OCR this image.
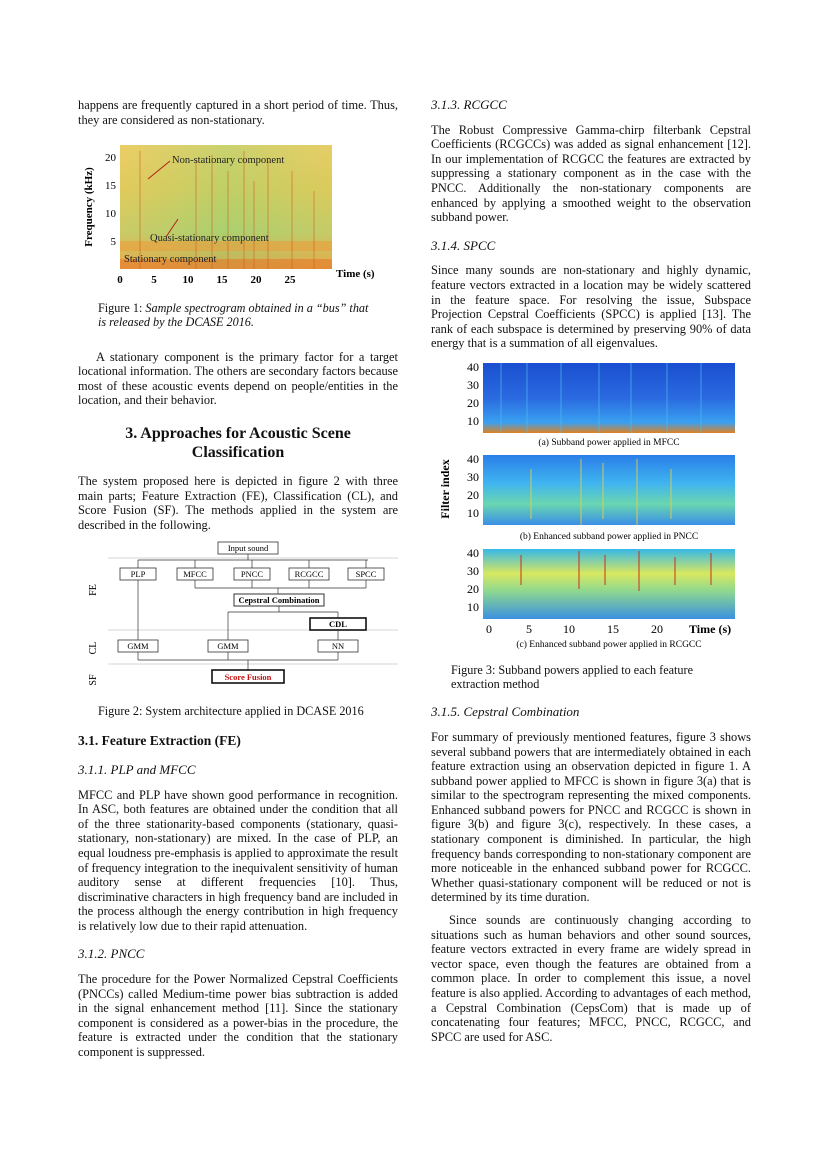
happens are frequently captured in a short period of time. Thus, they are considered as non-stationary.

20
15
10
5
Frequency (kHz)
0	5 10 15 20 25	Time (s)
Non-stationary component
Quasi-stationary component
Stationary component
Figure 1: Sample spectrogram obtained in a “bus” that is released by the DCASE 2016.

A stationary component is the primary factor for a target locational information. The others are secondary factors because most of these acoustic events depend on people/entities in the location, and their behavior.

3. Approaches for Acoustic Scene Classification

The system proposed here is depicted in figure 2 with three main parts; Feature Extraction (FE), Classification (CL), and Score Fusion (SF). The methods applied in the system are described in the following.

FE
CL
SF
Input sound
PLP	MFCC	PNCC	RCGCC	SPCC
Cepstral Combination
CDL
GMM	GMM	NN
Score Fusion
Figure 2: System architecture applied in DCASE 2016
3.1. Feature Extraction (FE)
3.1.1. PLP and MFCC

MFCC and PLP have shown good performance in recognition. In ASC, both features are obtained under the condition that all of the three stationarity-based components (stationary, quasi-stationary, non-stationary) are mixed. In the case of PLP, an equal loudness pre-emphasis is applied to approximate the result of frequency integration to the inequivalent sensitivity of human auditory sense at different frequencies [10]. Thus, discriminative characters in high frequency band are included in the process although the energy contribution in high frequency is relatively low due to their rapid attenuation.

3.1.2. PNCC

The procedure for the Power Normalized Cepstral Coefficients (PNCCs) called Medium-time power bias subtraction is added in the signal enhancement method [11]. Since the stationary component is considered as a power-bias in the procedure, the feature is extracted under the condition that the stationary component is suppressed.

3.1.3. RCGCC

The Robust Compressive Gamma-chirp filterbank Cepstral Coefficients (RCGCCs) was added as signal enhancement [12]. In our implementation of RCGCC the features are extracted by suppressing a stationary component as in the case with the PNCC. Additionally the non-stationary components are enhanced by applying a smoothed weight to the observation subband power.

3.1.4. SPCC

Since many sounds are non-stationary and highly dynamic, feature vectors extracted in a location may be widely scattered in the feature space. For resolving the issue, Subspace Projection Cepstral Coefficients (SPCC) is applied [13]. The rank of each subspace is determined by preserving 90% of data energy that is a summation of all eigenvalues.

40
30
20
10
(a) Subband power applied in MFCC
40
30
20
10
(b) Enhanced subband power applied in PNCC
Filter index
40
30
20
10
0	5	10	15	20 Time (s)
(c) Enhanced subband power applied in RCGCC
Figure 3: Subband powers applied to each feature extraction method
3.1.5. Cepstral Combination

For summary of previously mentioned features, figure 3 shows several subband powers that are intermediately obtained in each feature extraction using an observation depicted in figure 1. A subband power applied to MFCC is shown in figure 3(a) that is similar to the spectrogram representing the mixed components. Enhanced subband powers for PNCC and RCGCC is shown in figure 3(b) and figure 3(c), respectively. In these cases, a stationary component is diminished. In particular, the high frequency bands corresponding to non-stationary component are more noticeable in the enhanced subband power for RCGCC. Whether quasi-stationary component will be reduced or not is determined by its time duration.

Since sounds are continuously changing according to situations such as human behaviors and other sound sources, feature vectors extracted in every frame are widely spread in vector space, even though the features are obtained from a common place. In order to complement this issue, a novel feature is also applied. According to advantages of each method, a Cepstral Combination (CepsCom) that is made up of concatenating four features; MFCC, PNCC, RCGCC, and SPCC are used for ASC.
